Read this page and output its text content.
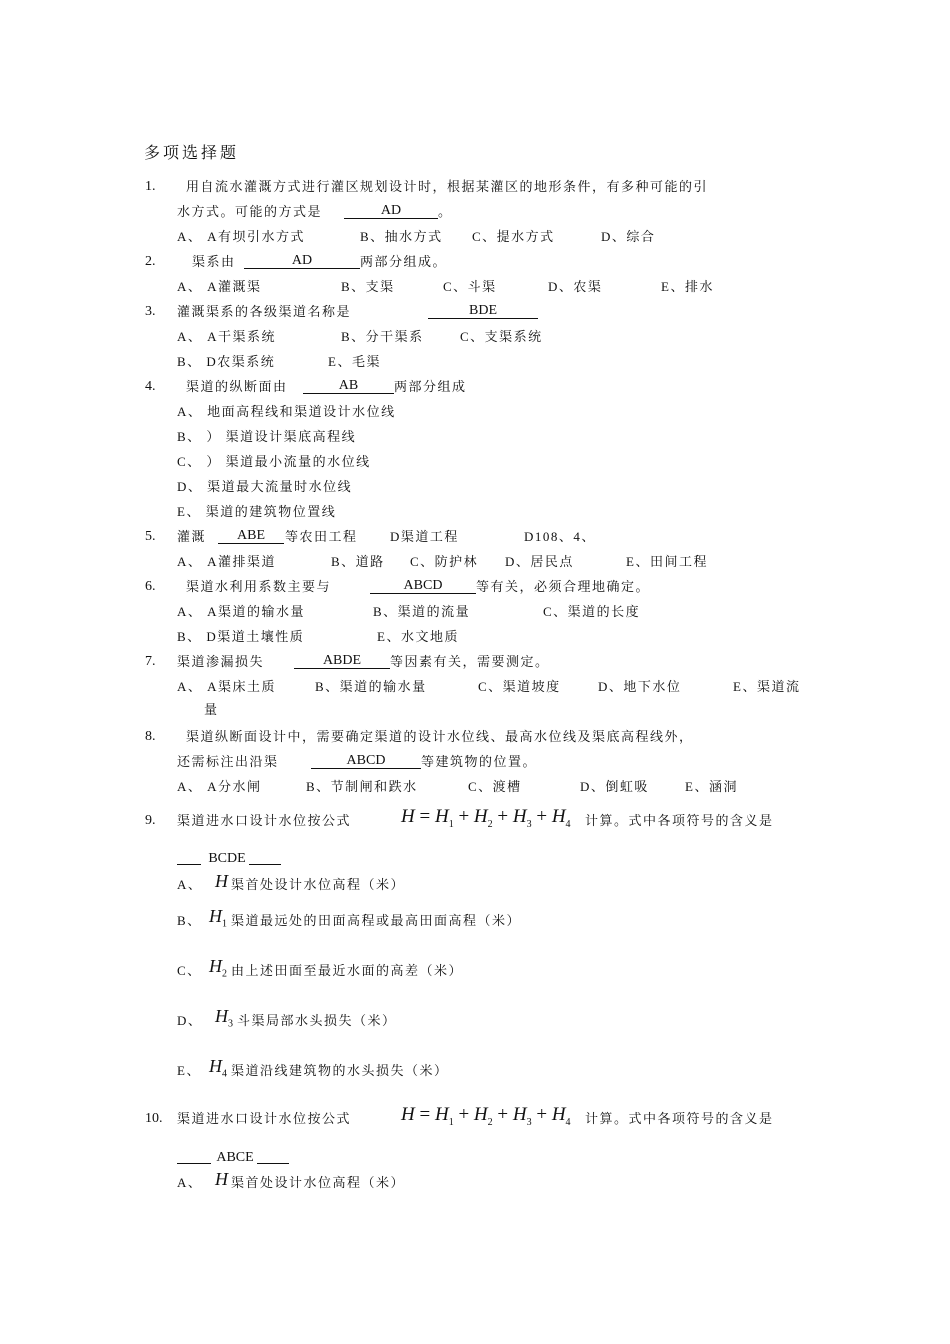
多项选择题
1. 用自流水灌溉方式进行灌区规划设计时，根据某灌区的地形条件，有多种可能的引
水方式。可能的方式是	AD	。
A、 A有坝引水方式	B、抽水方式 C、提水方式	D、综合
2.	渠系由	AD	两部分组成。
A、 A灌溉渠	B、支渠	C、斗渠	D、农渠	E、排水
3. 灌溉渠系的各级渠道名称是	BDE
A、 A干渠系统	B、分干渠系	C、支渠系统
B、 D农渠系统	E、毛渠
4. 渠道的纵断面由	AB	两部分组成
A、 地面高程线和渠道设计水位线
B、 ） 渠道设计渠底高程线
C、 ） 渠道最小流量的水位线
D、 渠道最大流量时水位线
E、 渠道的建筑物位置线
5. 灌溉	ABE	等农田工程 D渠道工程	D108、4、
A、 A灌排渠道	B、道路 C、防护林 D、居民点	E、田间工程
6. 渠道水利用系数主要与	ABCD	等有关，必须合理地确定。
A、 A渠道的输水量	B、渠道的流量	C、渠道的长度
B、 D渠道土壤性质	E、水文地质
7. 渠道渗漏损失	ABDE	等因素有关，需要测定。
A、 A渠床土质	B、渠道的输水量	C、渠道坡度	D、地下水位	E、渠道流
量
8. 渠道纵断面设计中，需要确定渠道的设计水位线、最高水位线及渠底高程线外，
还需标注出沿渠	ABCD	等建筑物的位置。
A、 A分水闸	B、节制闸和跌水	C、渡槽	D、倒虹吸	E、涵洞
9. 渠道进水口设计水位按公式	$H = H_1 + H_2 + H_3 + H_4$ 计算。式中各项符号的含义是
BCDE
A、 H 渠首处设计水位高程（米）
B、 $H_1$ 渠道最远处的田面高程或最高田面高程（米）
C、 $H_2$ 由上述田面至最近水面的高差（米）
D、 $H_3$ 斗渠局部水头损失（米）
E、 $H_4$ 渠道沿线建筑物的水头损失（米）
10. 渠道进水口设计水位按公式	$H = H_1 + H_2 + H_3 + H_4$ 计算。式中各项符号的含义是
ABCE
A、 H 渠首处设计水位高程（米）
